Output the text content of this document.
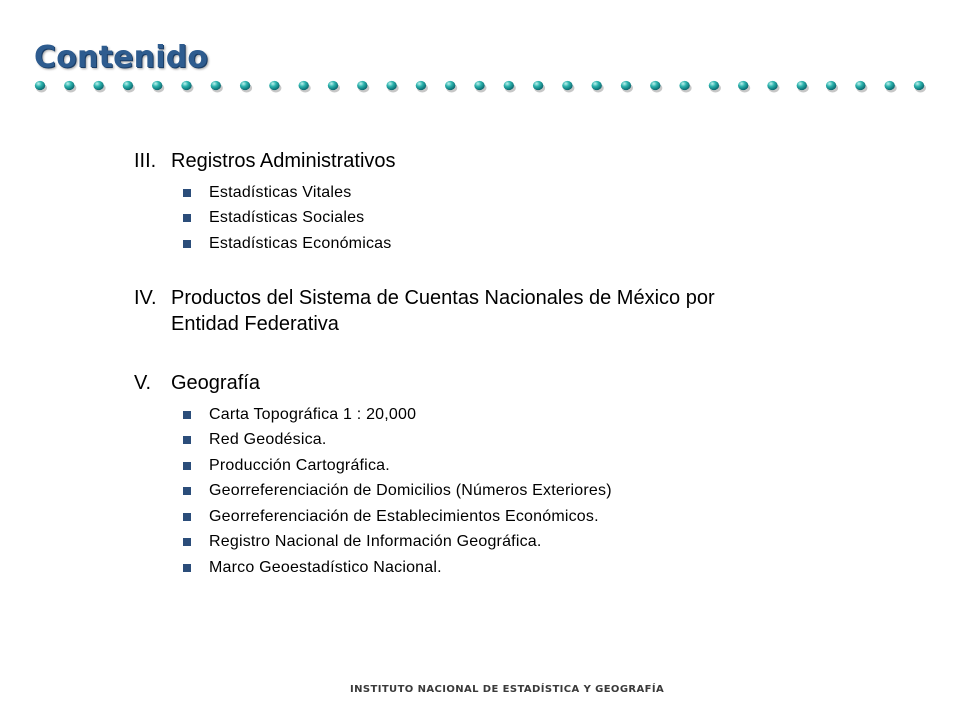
Contenido
III. Registros Administrativos
Estadísticas Vitales
Estadísticas Sociales
Estadísticas Económicas
IV. Productos del Sistema de Cuentas Nacionales de México por
Entidad Federativa
V. Geografía
Carta Topográfica 1 : 20,000
Red Geodésica.
Producción Cartográfica.
Georreferenciación de Domicilios (Números Exteriores)
Georreferenciación de Establecimientos Económicos.
Registro Nacional de Información Geográfica.
Marco Geoestadístico Nacional.
INSTITUTO NACIONAL DE ESTADÍSTICA Y GEOGRAFÍA
